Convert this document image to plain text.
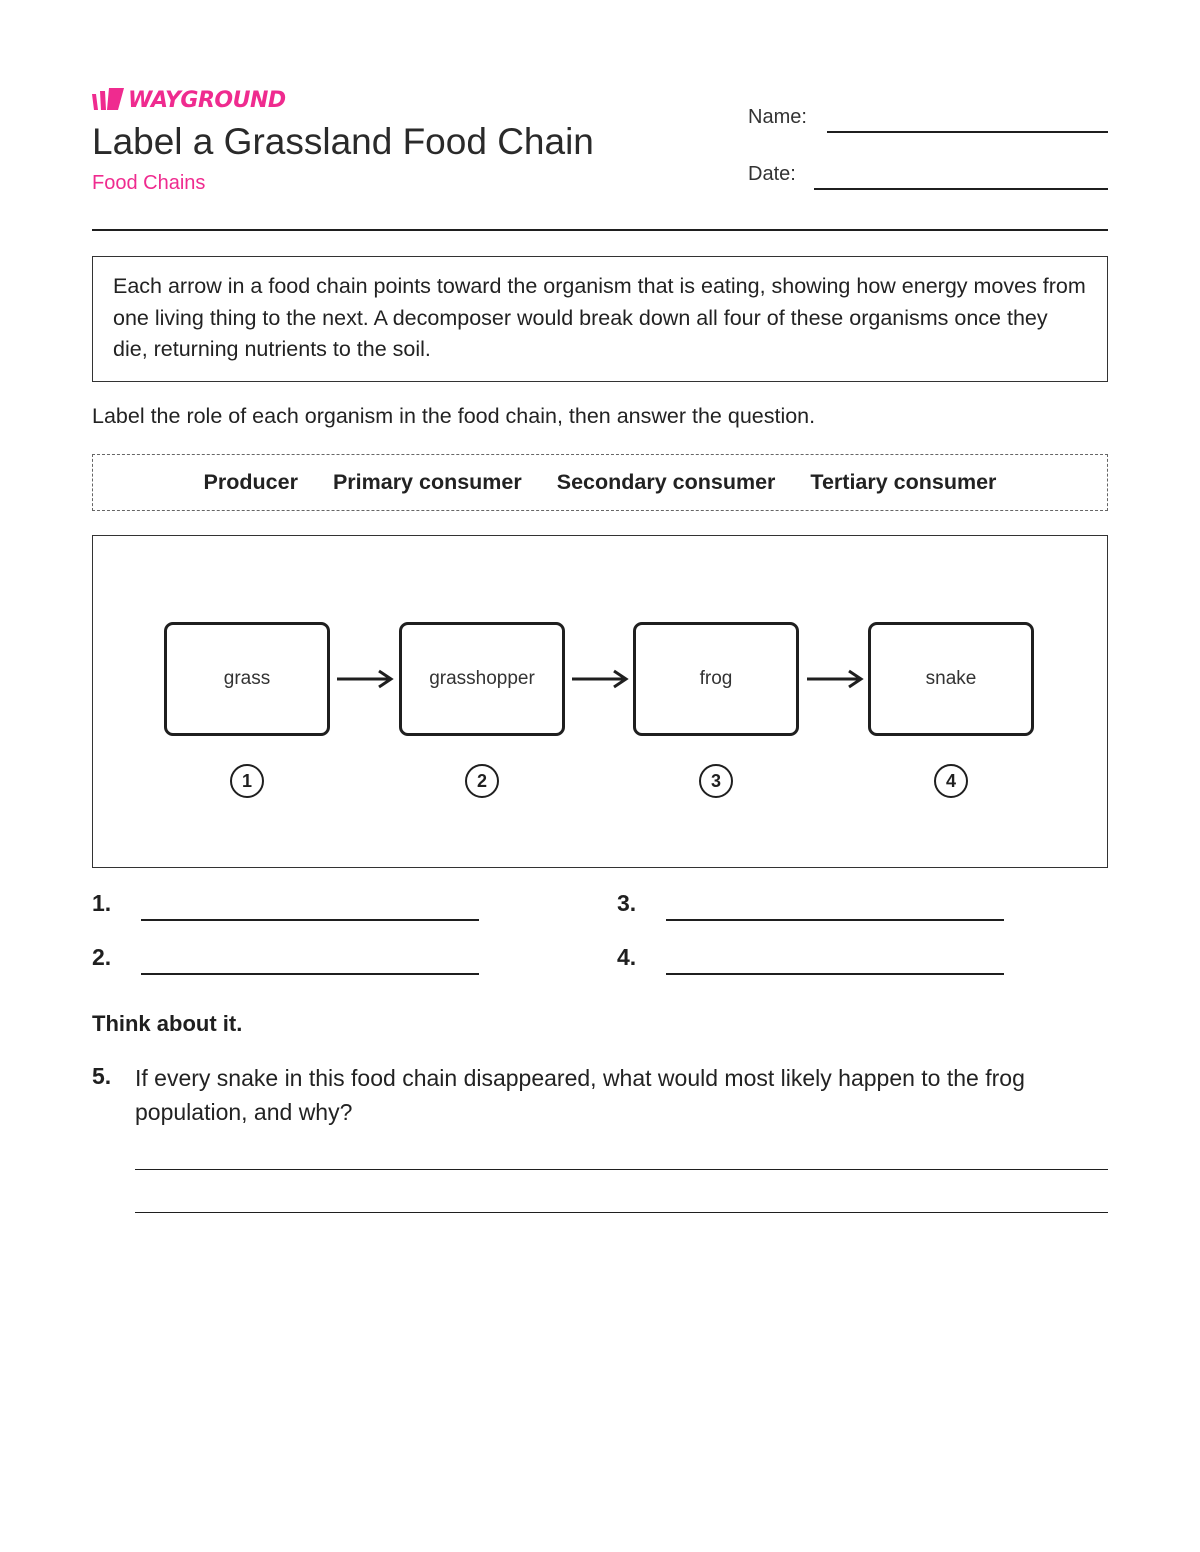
WAYGROUND
Label a Grassland Food Chain
Food Chains
Name:
Date:
Each arrow in a food chain points toward the organism that is eating, showing how energy moves from one living thing to the next. A decomposer would break down all four of these organisms once they die, returning nutrients to the soil.
Label the role of each organism in the food chain, then answer the question.
Producer Primary consumer Secondary consumer Tertiary consumer
grass	grasshopper	frog	snake
1	2	3	4
1.
2.
3.
4.
Think about it.
5. If every snake in this food chain disappeared, what would most likely happen to the frog population, and why?
